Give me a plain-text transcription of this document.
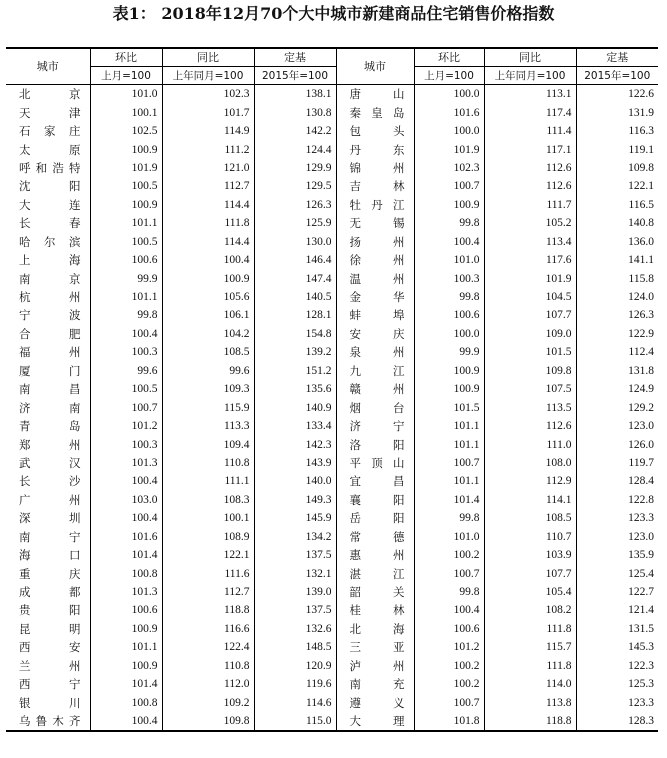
表1： 2018年12月70个大中城市新建商品住宅销售价格指数
城市	环比	同比	定基	城市	环比	同比	定基
	上月=100	上年同月=100	2015年=100		上月=100	上年同月=100	2015年=100
北京	101.0	102.3	138.1	唐山	100.0	113.1	122.6
天津	100.1	101.7	130.8	秦皇岛	101.6	117.4	131.9
石家庄	102.5	114.9	142.2	包头	100.0	111.4	116.3
太原	100.9	111.2	124.4	丹东	101.9	117.1	119.1
呼和浩特	101.9	121.0	129.9	锦州	102.3	112.6	109.8
沈阳	100.5	112.7	129.5	吉林	100.7	112.6	122.1
大连	100.9	114.4	126.3	牡丹江	100.9	111.7	116.5
长春	101.1	111.8	125.9	无锡	99.8	105.2	140.8
哈尔滨	100.5	114.4	130.0	扬州	100.4	113.4	136.0
上海	100.6	100.4	146.4	徐州	101.0	117.6	141.1
南京	99.9	100.9	147.4	温州	100.3	101.9	115.8
杭州	101.1	105.6	140.5	金华	99.8	104.5	124.0
宁波	99.8	106.1	128.1	蚌埠	100.6	107.7	126.3
合肥	100.4	104.2	154.8	安庆	100.0	109.0	122.9
福州	100.3	108.5	139.2	泉州	99.9	101.5	112.4
厦门	99.6	99.6	151.2	九江	100.9	109.8	131.8
南昌	100.5	109.3	135.6	赣州	100.9	107.5	124.9
济南	100.7	115.9	140.9	烟台	101.5	113.5	129.2
青岛	101.2	113.3	133.4	济宁	101.1	112.6	123.0
郑州	100.3	109.4	142.3	洛阳	101.1	111.0	126.0
武汉	101.3	110.8	143.9	平顶山	100.7	108.0	119.7
长沙	100.4	111.1	140.0	宜昌	101.1	112.9	128.4
广州	103.0	108.3	149.3	襄阳	101.4	114.1	122.8
深圳	100.4	100.1	145.9	岳阳	99.8	108.5	123.3
南宁	101.6	108.9	134.2	常德	101.0	110.7	123.0
海口	101.4	122.1	137.5	惠州	100.2	103.9	135.9
重庆	100.8	111.6	132.1	湛江	100.7	107.7	125.4
成都	101.3	112.7	139.0	韶关	99.8	105.4	122.7
贵阳	100.6	118.8	137.5	桂林	100.4	108.2	121.4
昆明	100.9	116.6	132.6	北海	100.6	111.8	131.5
西安	101.1	122.4	148.5	三亚	101.2	115.7	145.3
兰州	100.9	110.8	120.9	泸州	100.2	111.8	122.3
西宁	101.4	112.0	119.6	南充	100.2	114.0	125.3
银川	100.8	109.2	114.6	遵义	100.7	113.8	123.3
乌鲁木齐	100.4	109.8	115.0	大理	101.8	118.8	128.3
